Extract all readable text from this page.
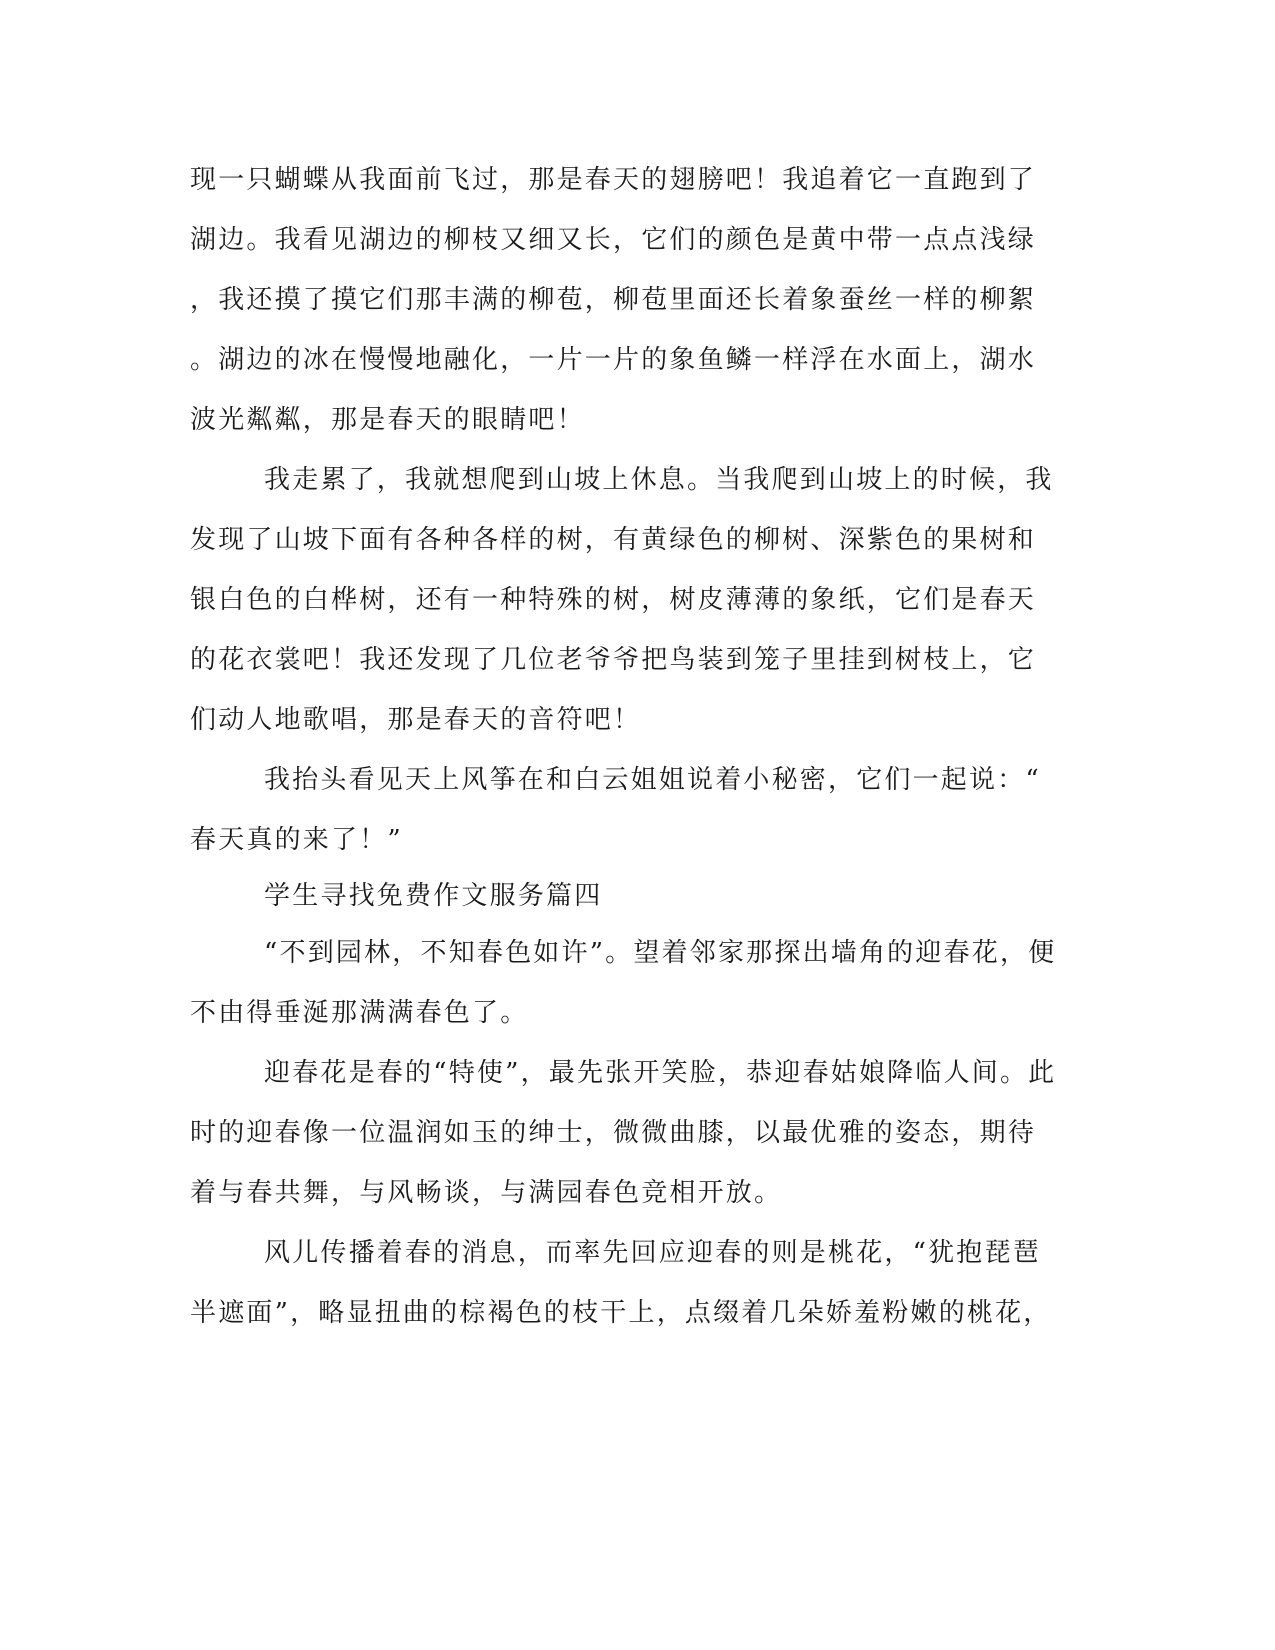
现一只蝴蝶从我面前飞过，那是春天的翅膀吧！我追着它一直跑到了
湖边。我看见湖边的柳枝又细又长，它们的颜色是黄中带一点点浅绿
，我还摸了摸它们那丰满的柳苞，柳苞里面还长着象蚕丝一样的柳絮
。湖边的冰在慢慢地融化，一片一片的象鱼鳞一样浮在水面上，湖水
波光粼粼，那是春天的眼睛吧！
我走累了，我就想爬到山坡上休息。当我爬到山坡上的时候，我
发现了山坡下面有各种各样的树，有黄绿色的柳树、深紫色的果树和
银白色的白桦树，还有一种特殊的树，树皮薄薄的象纸，它们是春天
的花衣裳吧！我还发现了几位老爷爷把鸟装到笼子里挂到树枝上，它
们动人地歌唱，那是春天的音符吧！
我抬头看见天上风筝在和白云姐姐说着小秘密，它们一起说：“
春天真的来了！”
学生寻找免费作文服务篇四
“不到园林，不知春色如许”。望着邻家那探出墙角的迎春花，便
不由得垂涎那满满春色了。
迎春花是春的“特使”，最先张开笑脸，恭迎春姑娘降临人间。此
时的迎春像一位温润如玉的绅士，微微曲膝，以最优雅的姿态，期待
着与春共舞，与风畅谈，与满园春色竞相开放。
风儿传播着春的消息，而率先回应迎春的则是桃花，“犹抱琵琶
半遮面”，略显扭曲的棕褐色的枝干上，点缀着几朵娇羞粉嫩的桃花，
